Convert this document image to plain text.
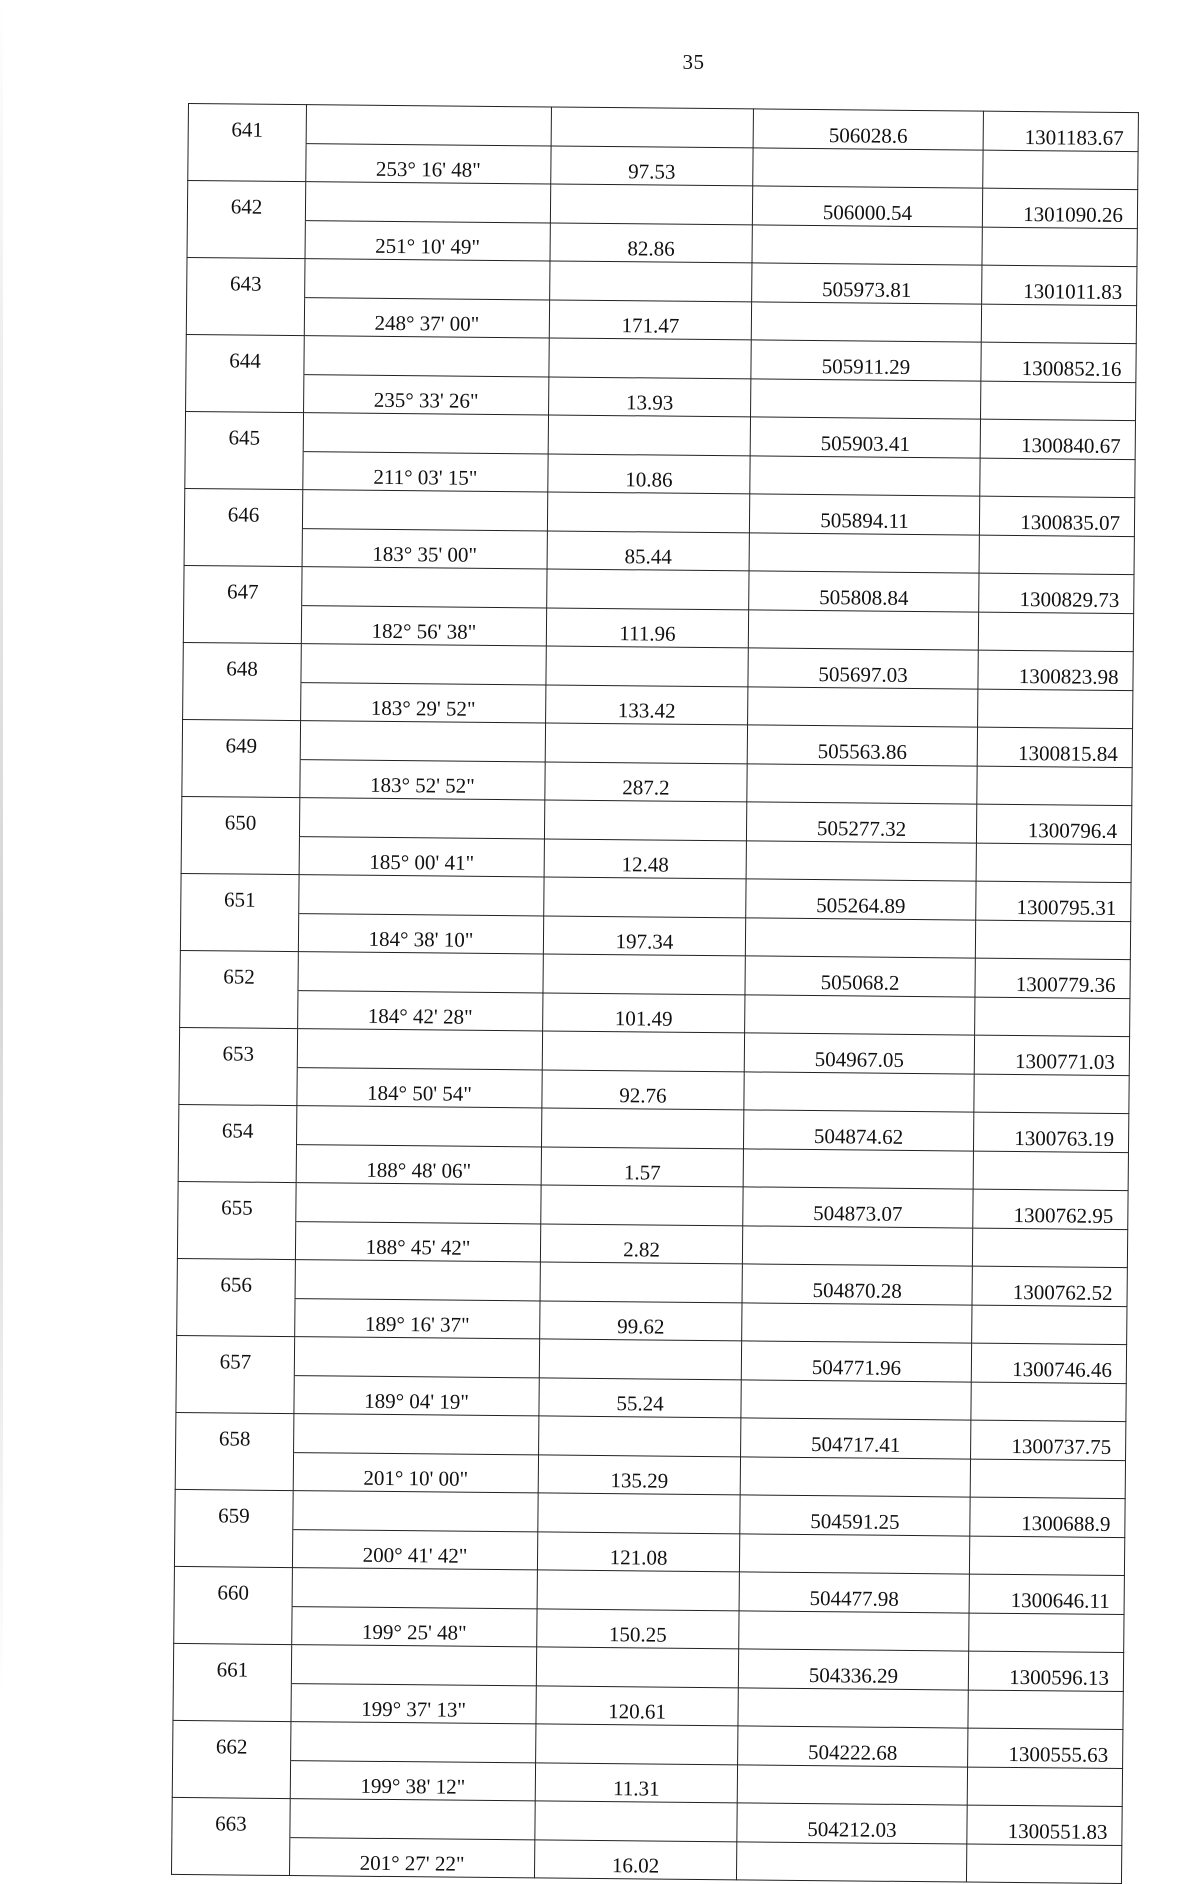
35
641			506028.6	1301183.67
	253° 16' 48"	97.53		
642			506000.54	1301090.26
	251° 10' 49"	82.86		
643			505973.81	1301011.83
	248° 37' 00"	171.47		
644			505911.29	1300852.16
	235° 33' 26"	13.93		
645			505903.41	1300840.67
	211° 03' 15"	10.86		
646			505894.11	1300835.07
	183° 35' 00"	85.44		
647			505808.84	1300829.73
	182° 56' 38"	111.96		
648			505697.03	1300823.98
	183° 29' 52"	133.42		
649			505563.86	1300815.84
	183° 52' 52"	287.2		
650			505277.32	1300796.4
	185° 00' 41"	12.48		
651			505264.89	1300795.31
	184° 38' 10"	197.34		
652			505068.2	1300779.36
	184° 42' 28"	101.49		
653			504967.05	1300771.03
	184° 50' 54"	92.76		
654			504874.62	1300763.19
	188° 48' 06"	1.57		
655			504873.07	1300762.95
	188° 45' 42"	2.82		
656			504870.28	1300762.52
	189° 16' 37"	99.62		
657			504771.96	1300746.46
	189° 04' 19"	55.24		
658			504717.41	1300737.75
	201° 10' 00"	135.29		
659			504591.25	1300688.9
	200° 41' 42"	121.08		
660			504477.98	1300646.11
	199° 25' 48"	150.25		
661			504336.29	1300596.13
	199° 37' 13"	120.61		
662			504222.68	1300555.63
	199° 38' 12"	11.31		
663			504212.03	1300551.83
	201° 27' 22"	16.02		
